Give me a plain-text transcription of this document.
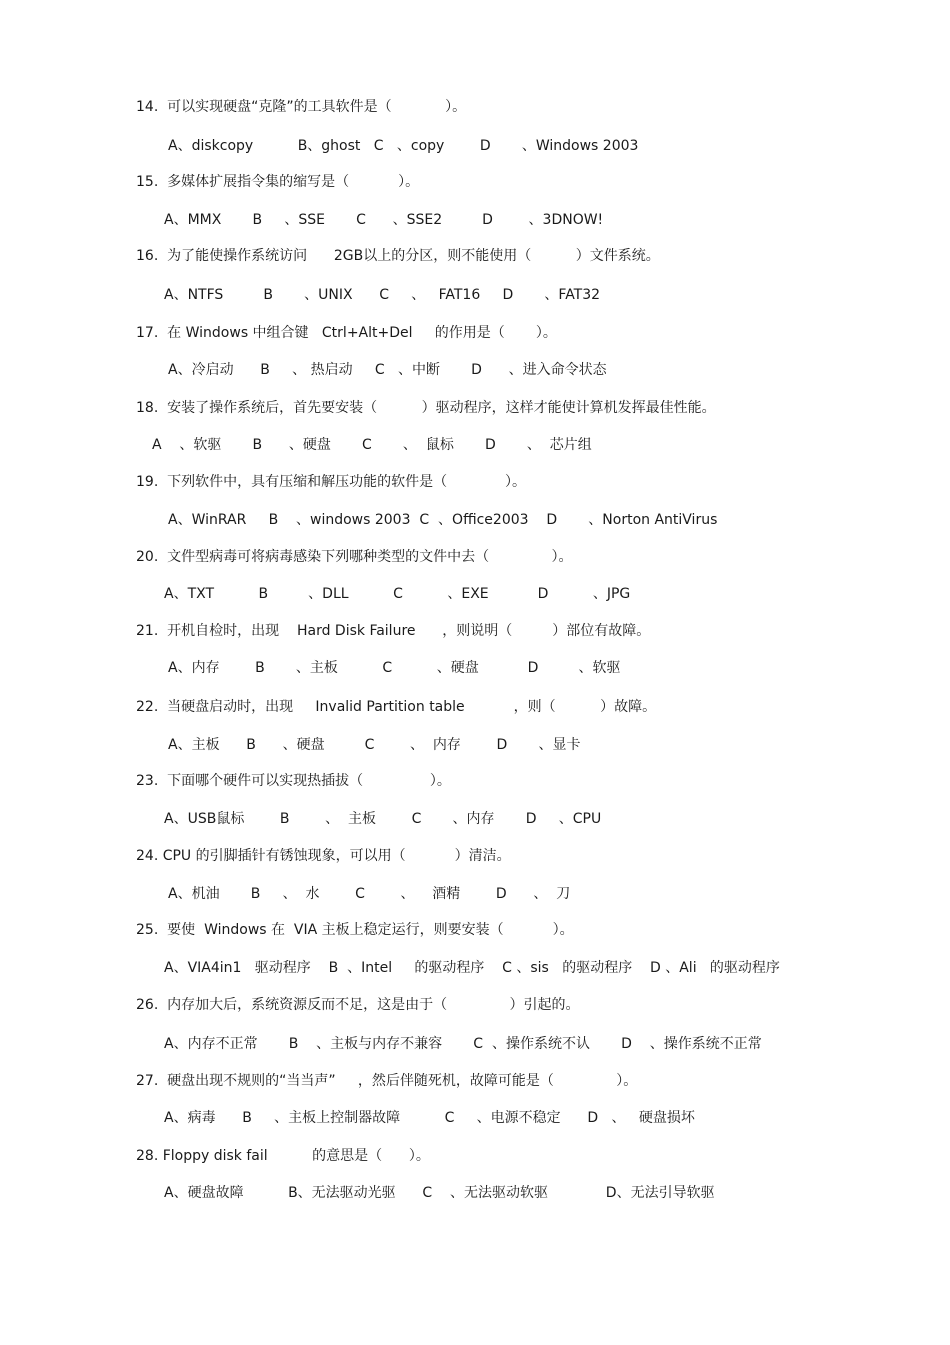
14.  可以实现硬盘“克隆”的工具软件是（            ）。
A、diskcopy          B、ghost   C   、copy        D       、Windows 2003
15.  多媒体扩展指令集的缩写是（           ）。
A、MMX       B     、SSE       C      、SSE2         D        、3DNOW!
16.  为了能使操作系统访问      2GB以上的分区，则不能使用（          ）文件系统。
A、NTFS         B       、UNIX      C     、   FAT16     D       、FAT32
17.  在 Windows 中组合键   Ctrl+Alt+Del     的作用是（       ）。
A、冷启动      B     、 热启动     C   、中断       D      、进入命令状态
18.  安装了操作系统后，首先要安装（          ）驱动程序，这样才能使计算机发挥最佳性能。
A    、软驱       B      、硬盘       C       、  鼠标       D       、  芯片组
19.  下列软件中，具有压缩和解压功能的软件是（             ）。
A、WinRAR     B    、windows 2003  C  、Office2003    D       、Norton AntiVirus
20.  文件型病毒可将病毒感染下列哪种类型的文件中去（              ）。
A、TXT          B         、DLL          C          、EXE           D          、JPG
21.  开机自检时，出现    Hard Disk Failure      ，则说明（         ）部位有故障。
A、内存        B       、主板          C          、硬盘           D         、软驱
22.  当硬盘启动时，出现     Invalid Partition table           ，则（          ）故障。
A、主板      B      、硬盘         C        、  内存        D       、显卡
23.  下面哪个硬件可以实现热插拔（               ）。
A、USB鼠标        B        、  主板        C       、内存       D     、CPU
24. CPU 的引脚插针有锈蚀现象，可以用（           ）清洁。
A、机油       B     、  水        C        、    酒精        D      、  刀
25.  要使  Windows 在  VIA 主板上稳定运行，则要安装（           ）。
A、VIA4in1   驱动程序    B  、Intel     的驱动程序    C 、sis   的驱动程序    D 、Ali   的驱动程序
26.  内存加大后，系统资源反而不足，这是由于（              ）引起的。
A、内存不正常       B    、主板与内存不兼容       C  、操作系统不认       D    、操作系统不正常
27.  硬盘出现不规则的“当当声”     ，然后伴随死机，故障可能是（              ）。
A、病毒      B     、主板上控制器故障          C     、电源不稳定      D   、   硬盘损坏
28. Floppy disk fail          的意思是（      ）。
A、硬盘故障          B、无法驱动光驱      C    、无法驱动软驱             D、无法引导软驱
